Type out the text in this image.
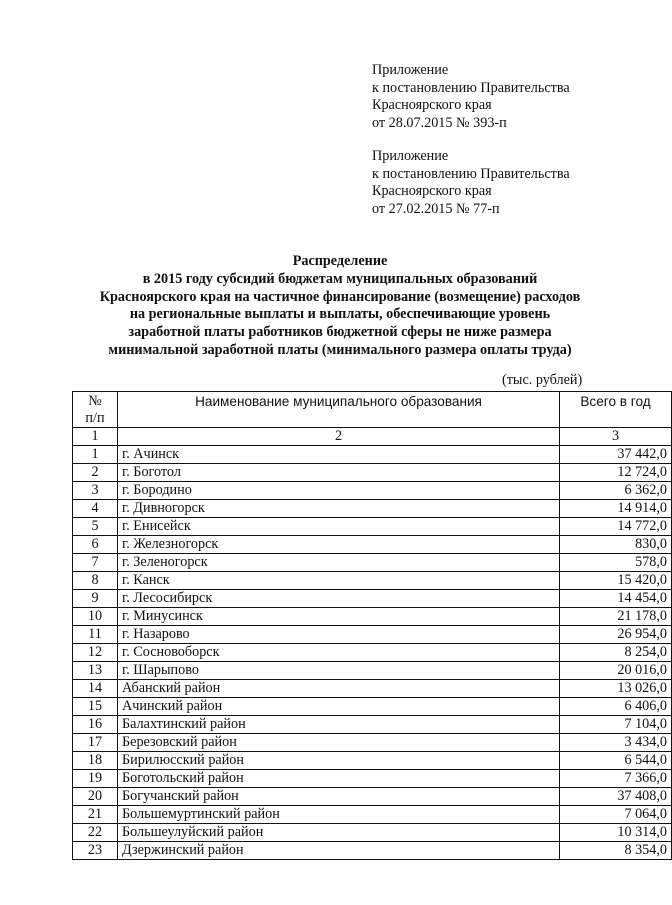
Приложение
к постановлению Правительства
Красноярского края
от 28.07.2015 № 393-п
Приложение
к постановлению Правительства
Красноярского края
от 27.02.2015 № 77-п
Распределение
в 2015 году субсидий бюджетам муниципальных образований
Красноярского края на частичное финансирование (возмещение) расходов
на региональные выплаты и выплаты, обеспечивающие уровень
заработной платы работников бюджетной сферы не ниже размера
минимальной заработной платы (минимального размера оплаты труда)
(тыс. рублей)
№
п/п	Наименование муниципального образования	Всего в год
1	2	3
1	г. Ачинск	37 442,0
2	г. Боготол	12 724,0
3	г. Бородино	6 362,0
4	г. Дивногорск	14 914,0
5	г. Енисейск	14 772,0
6	г. Железногорск	830,0
7	г. Зеленогорск	578,0
8	г. Канск	15 420,0
9	г. Лесосибирск	14 454,0
10	г. Минусинск	21 178,0
11	г. Назарово	26 954,0
12	г. Сосновоборск	8 254,0
13	г. Шарыпово	20 016,0
14	Абанский район	13 026,0
15	Ачинский район	6 406,0
16	Балахтинский район	7 104,0
17	Березовский район	3 434,0
18	Бирилюсский район	6 544,0
19	Боготольский район	7 366,0
20	Богучанский район	37 408,0
21	Большемуртинский район	7 064,0
22	Большеулуйский район	10 314,0
23	Дзержинский район	8 354,0
